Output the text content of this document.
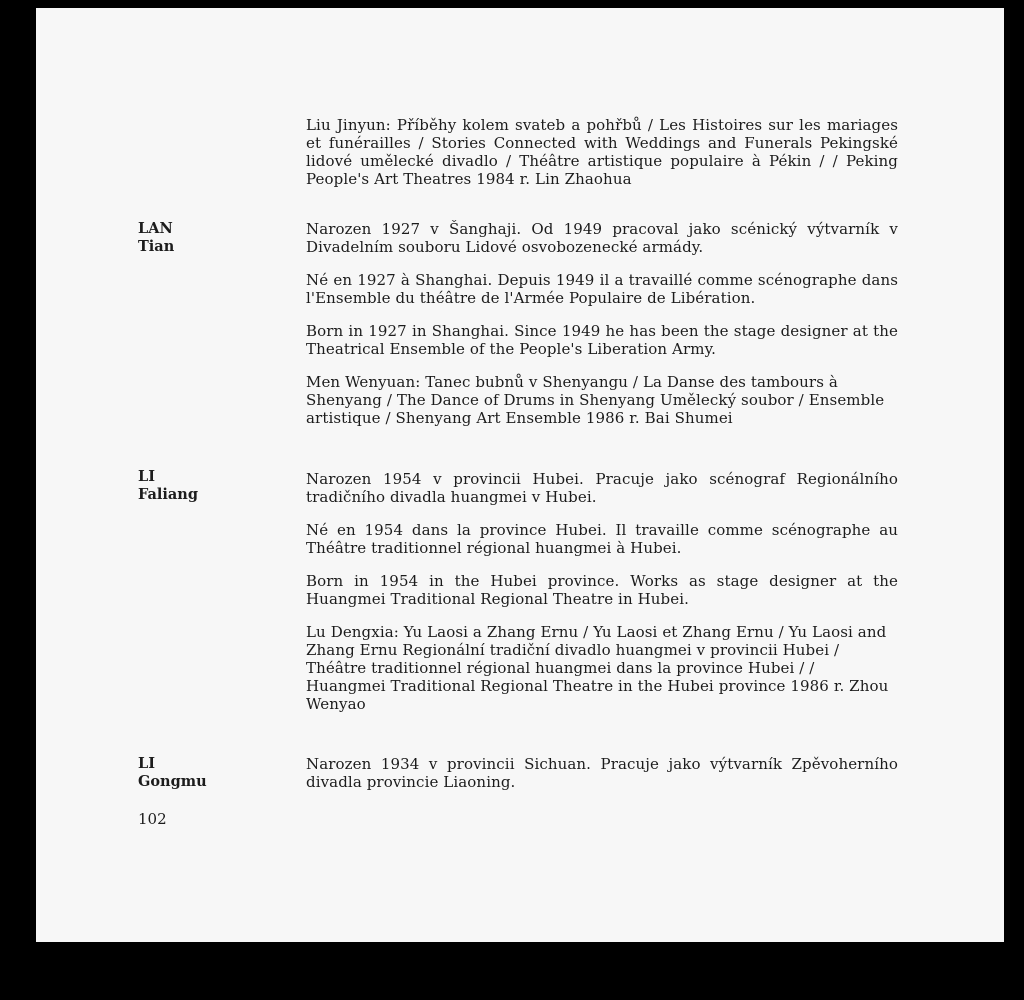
Liu Jinyun: Příběhy kolem svateb a pohřbů / Les Histoires sur les mariages et funérailles / Stories Connected with Weddings and Funerals Pekingské lidové umělecké divadlo / Théâtre artistique populaire à Pékin / / Peking People's Art Theatres 1984 r. Lin Zhaohua

LAN
Tian

Narozen 1927 v Šanghaji. Od 1949 pracoval jako scénický výtvarník v Divadelním souboru Lidové osvobozenecké armády.

Né en 1927 à Shanghai. Depuis 1949 il a travaillé comme scénographe dans l'Ensemble du théâtre de l'Armée Populaire de Libération.

Born in 1927 in Shanghai. Since 1949 he has been the stage designer at the Theatrical Ensemble of the People's Liberation Army.

Men Wenyuan: Tanec bubnů v Shenyangu / La Danse des tambours à Shenyang / The Dance of Drums in Shenyang Umělecký soubor / Ensemble artistique / Shenyang Art Ensemble 1986 r. Bai Shumei

LI
Faliang

Narozen 1954 v provincii Hubei. Pracuje jako scénograf Regionálního tradičního divadla huangmei v Hubei.

Né en 1954 dans la province Hubei. Il travaille comme scénographe au Théâtre traditionnel régional huangmei à Hubei.

Born in 1954 in the Hubei province. Works as stage designer at the Huangmei Traditional Regional Theatre in Hubei.

Lu Dengxia: Yu Laosi a Zhang Ernu / Yu Laosi et Zhang Ernu / Yu Laosi and Zhang Ernu Regionální tradiční divadlo huangmei v provincii Hubei / Théâtre traditionnel régional huangmei dans la province Hubei / / Huangmei Traditional Regional Theatre in the Hubei province 1986 r. Zhou Wenyao

LI
Gongmu

Narozen 1934 v provincii Sichuan. Pracuje jako výtvarník Zpěvoherního divadla provincie Liaoning.

102
